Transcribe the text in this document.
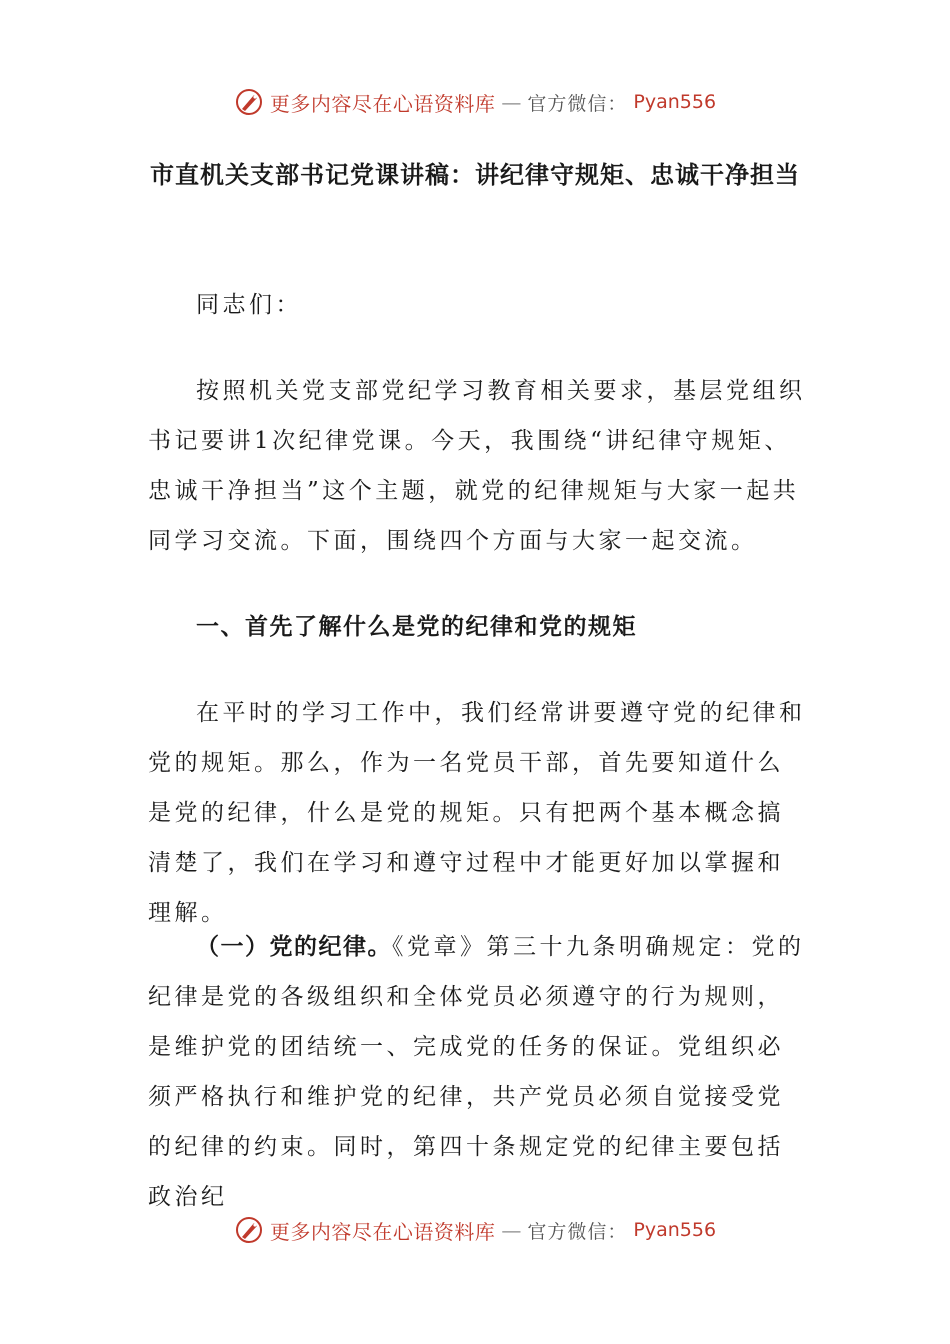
更多内容尽在心语资料库 — 官方微信： Pyan556
市直机关支部书记党课讲稿：讲纪律守规矩、忠诚干净担当

同志们：

按照机关党支部党纪学习教育相关要求，基层党组织书记要讲1次纪律党课。今天，我围绕“讲纪律守规矩、忠诚干净担当”这个主题，就党的纪律规矩与大家一起共同学习交流。下面，围绕四个方面与大家一起交流。

一、首先了解什么是党的纪律和党的规矩

在平时的学习工作中，我们经常讲要遵守党的纪律和党的规矩。那么，作为一名党员干部，首先要知道什么是党的纪律，什么是党的规矩。只有把两个基本概念搞清楚了，我们在学习和遵守过程中才能更好加以掌握和理解。

（一）党的纪律。《党章》第三十九条明确规定：党的纪律是党的各级组织和全体党员必须遵守的行为规则，是维护党的团结统一、完成党的任务的保证。党组织必须严格执行和维护党的纪律，共产党员必须自觉接受党的纪律的约束。同时，第四十条规定党的纪律主要包括政治纪

更多内容尽在心语资料库 — 官方微信： Pyan556
